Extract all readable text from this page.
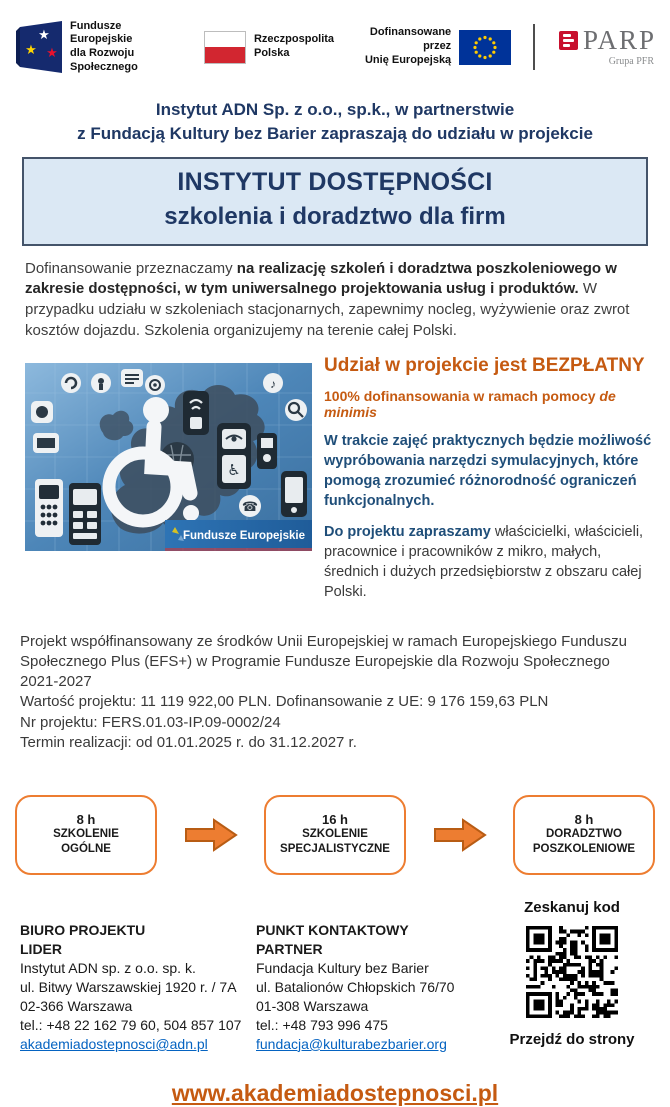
★
★ ★
Fundusze Europejskie
dla Rozwoju Społecznego
Rzeczpospolita
Polska
Dofinansowane przez
Unię Europejską
PARP
Grupa PFR
Instytut ADN Sp. z o.o., sp.k., w partnerstwie
z Fundacją Kultury bez Barier zapraszają do udziału w projekcie
INSTYTUT DOSTĘPNOŚCI
szkolenia i doradztwo dla firm
Dofinansowanie przeznaczamy na realizację szkoleń i doradztwa poszkoleniowego w zakresie dostępności, w tym uniwersalnego projektowania usług i produktów. W przypadku udziału w szkoleniach stacjonarnych, zapewnimy nocleg, wyżywienie oraz zwrot kosztów dojazdu. Szkolenia organizujemy na terenie całej Polski.
♿
♪
☎
Fundusze Europejskie
Udział w projekcie jest BEZPŁATNY
100% dofinansowania w ramach pomocy de minimis
W trakcie zajęć praktycznych będzie możliwość wypróbowania narzędzi symulacyjnych, które pomogą zrozumieć różnorodność ograniczeń funkcjonalnych.
Do projektu zapraszamy właścicielki, właścicieli, pracownice i pracowników z mikro, małych, średnich i dużych przedsiębiorstw z obszaru całej Polski.
Projekt współfinansowany ze środków Unii Europejskiej w ramach Europejskiego Funduszu Społecznego Plus (EFS+) w Programie Fundusze Europejskie dla Rozwoju Społecznego 2021-2027
Wartość projektu: 11 119 922,00 PLN. Dofinansowanie z UE: 9 176 159,63 PLN
Nr projektu: FERS.01.03-IP.09-0002/24
Termin realizacji: od 01.01.2025 r. do 31.12.2027 r.
8 h
SZKOLENIE
OGÓLNE
16 h
SZKOLENIE
SPECJALISTYCZNE
8 h
DORADZTWO
POSZKOLENIOWE
BIURO PROJEKTU
LIDER
Instytut ADN sp. z o.o. sp. k.
ul. Bitwy Warszawskiej 1920 r. / 7A
02-366 Warszawa
tel.: +48 22 162 79 60, 504 857 107
akademiadostepnosci@adn.pl
PUNKT KONTAKTOWY
PARTNER
Fundacja Kultury bez Barier
ul. Batalionów Chłopskich 76/70
01-308 Warszawa
tel.: +48 793 996 475
fundacja@kulturabezbarier.org
Zeskanuj kod
Przejdź do strony
www.akademiadostepnosci.pl
